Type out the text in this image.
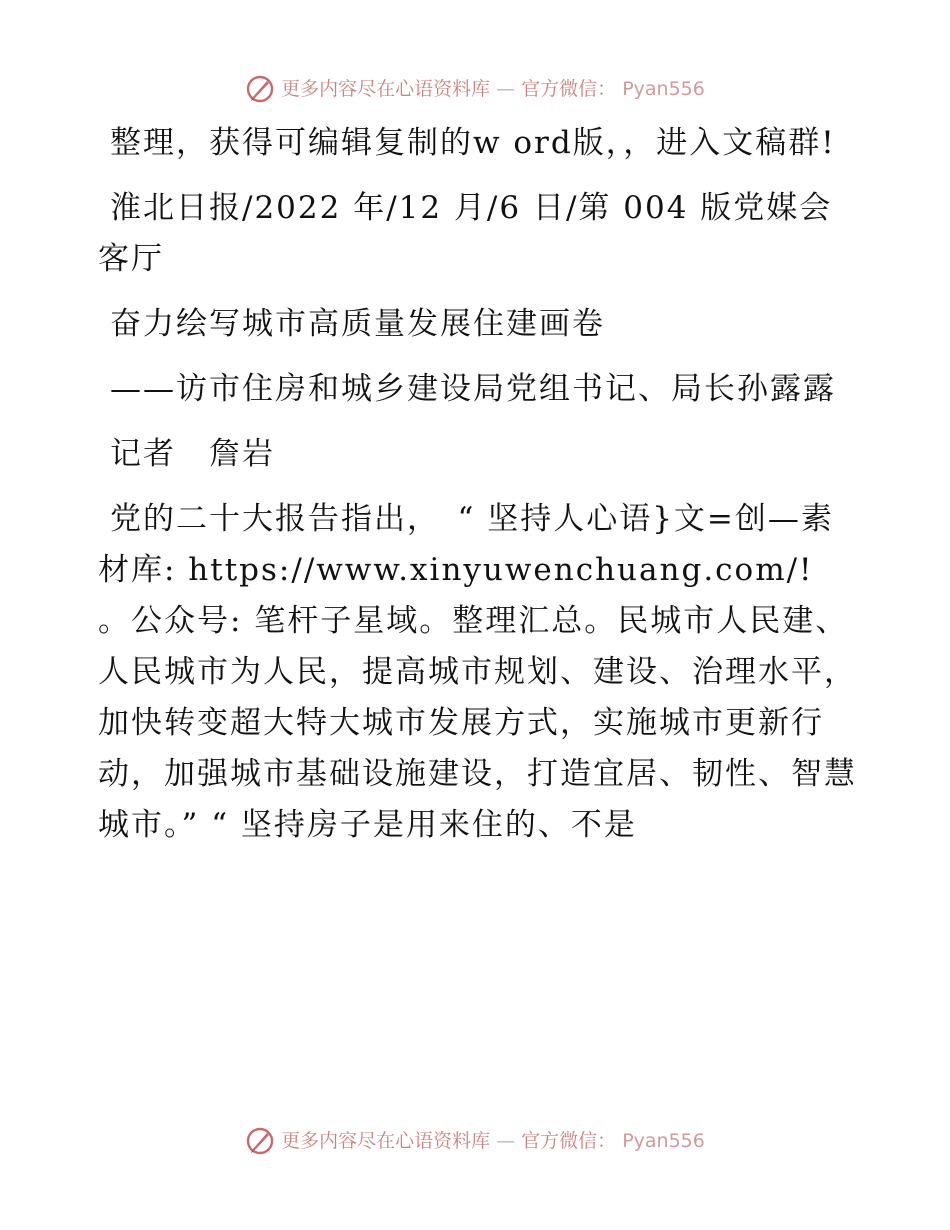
更多内容尽在心语资料库 — 官方微信： Pyan556

整理，获得可编辑复制的w ord版，，进入文稿群!

淮北日报/2022 年/12 月/6 日/第 004 版党媒会客厅

奋力绘写城市高质量发展住建画卷

——访市住房和城乡建设局党组书记、局长孙露露

记者　詹岩

党的二十大报告指出，　“ 坚持人心语}文=创—素材库: https://www.xinyuwenchuang.com/! 。公众号: 笔杆子星域。整理汇总。民城市人民建、人民城市为人民，提高城市规划、建设、治理水平，加快转变超大特大城市发展方式，实施城市更新行动，加强城市基础设施建设，打造宜居、韧性、智慧城市。” “ 坚持房子是用来住的、不是

更多内容尽在心语资料库 — 官方微信： Pyan556
